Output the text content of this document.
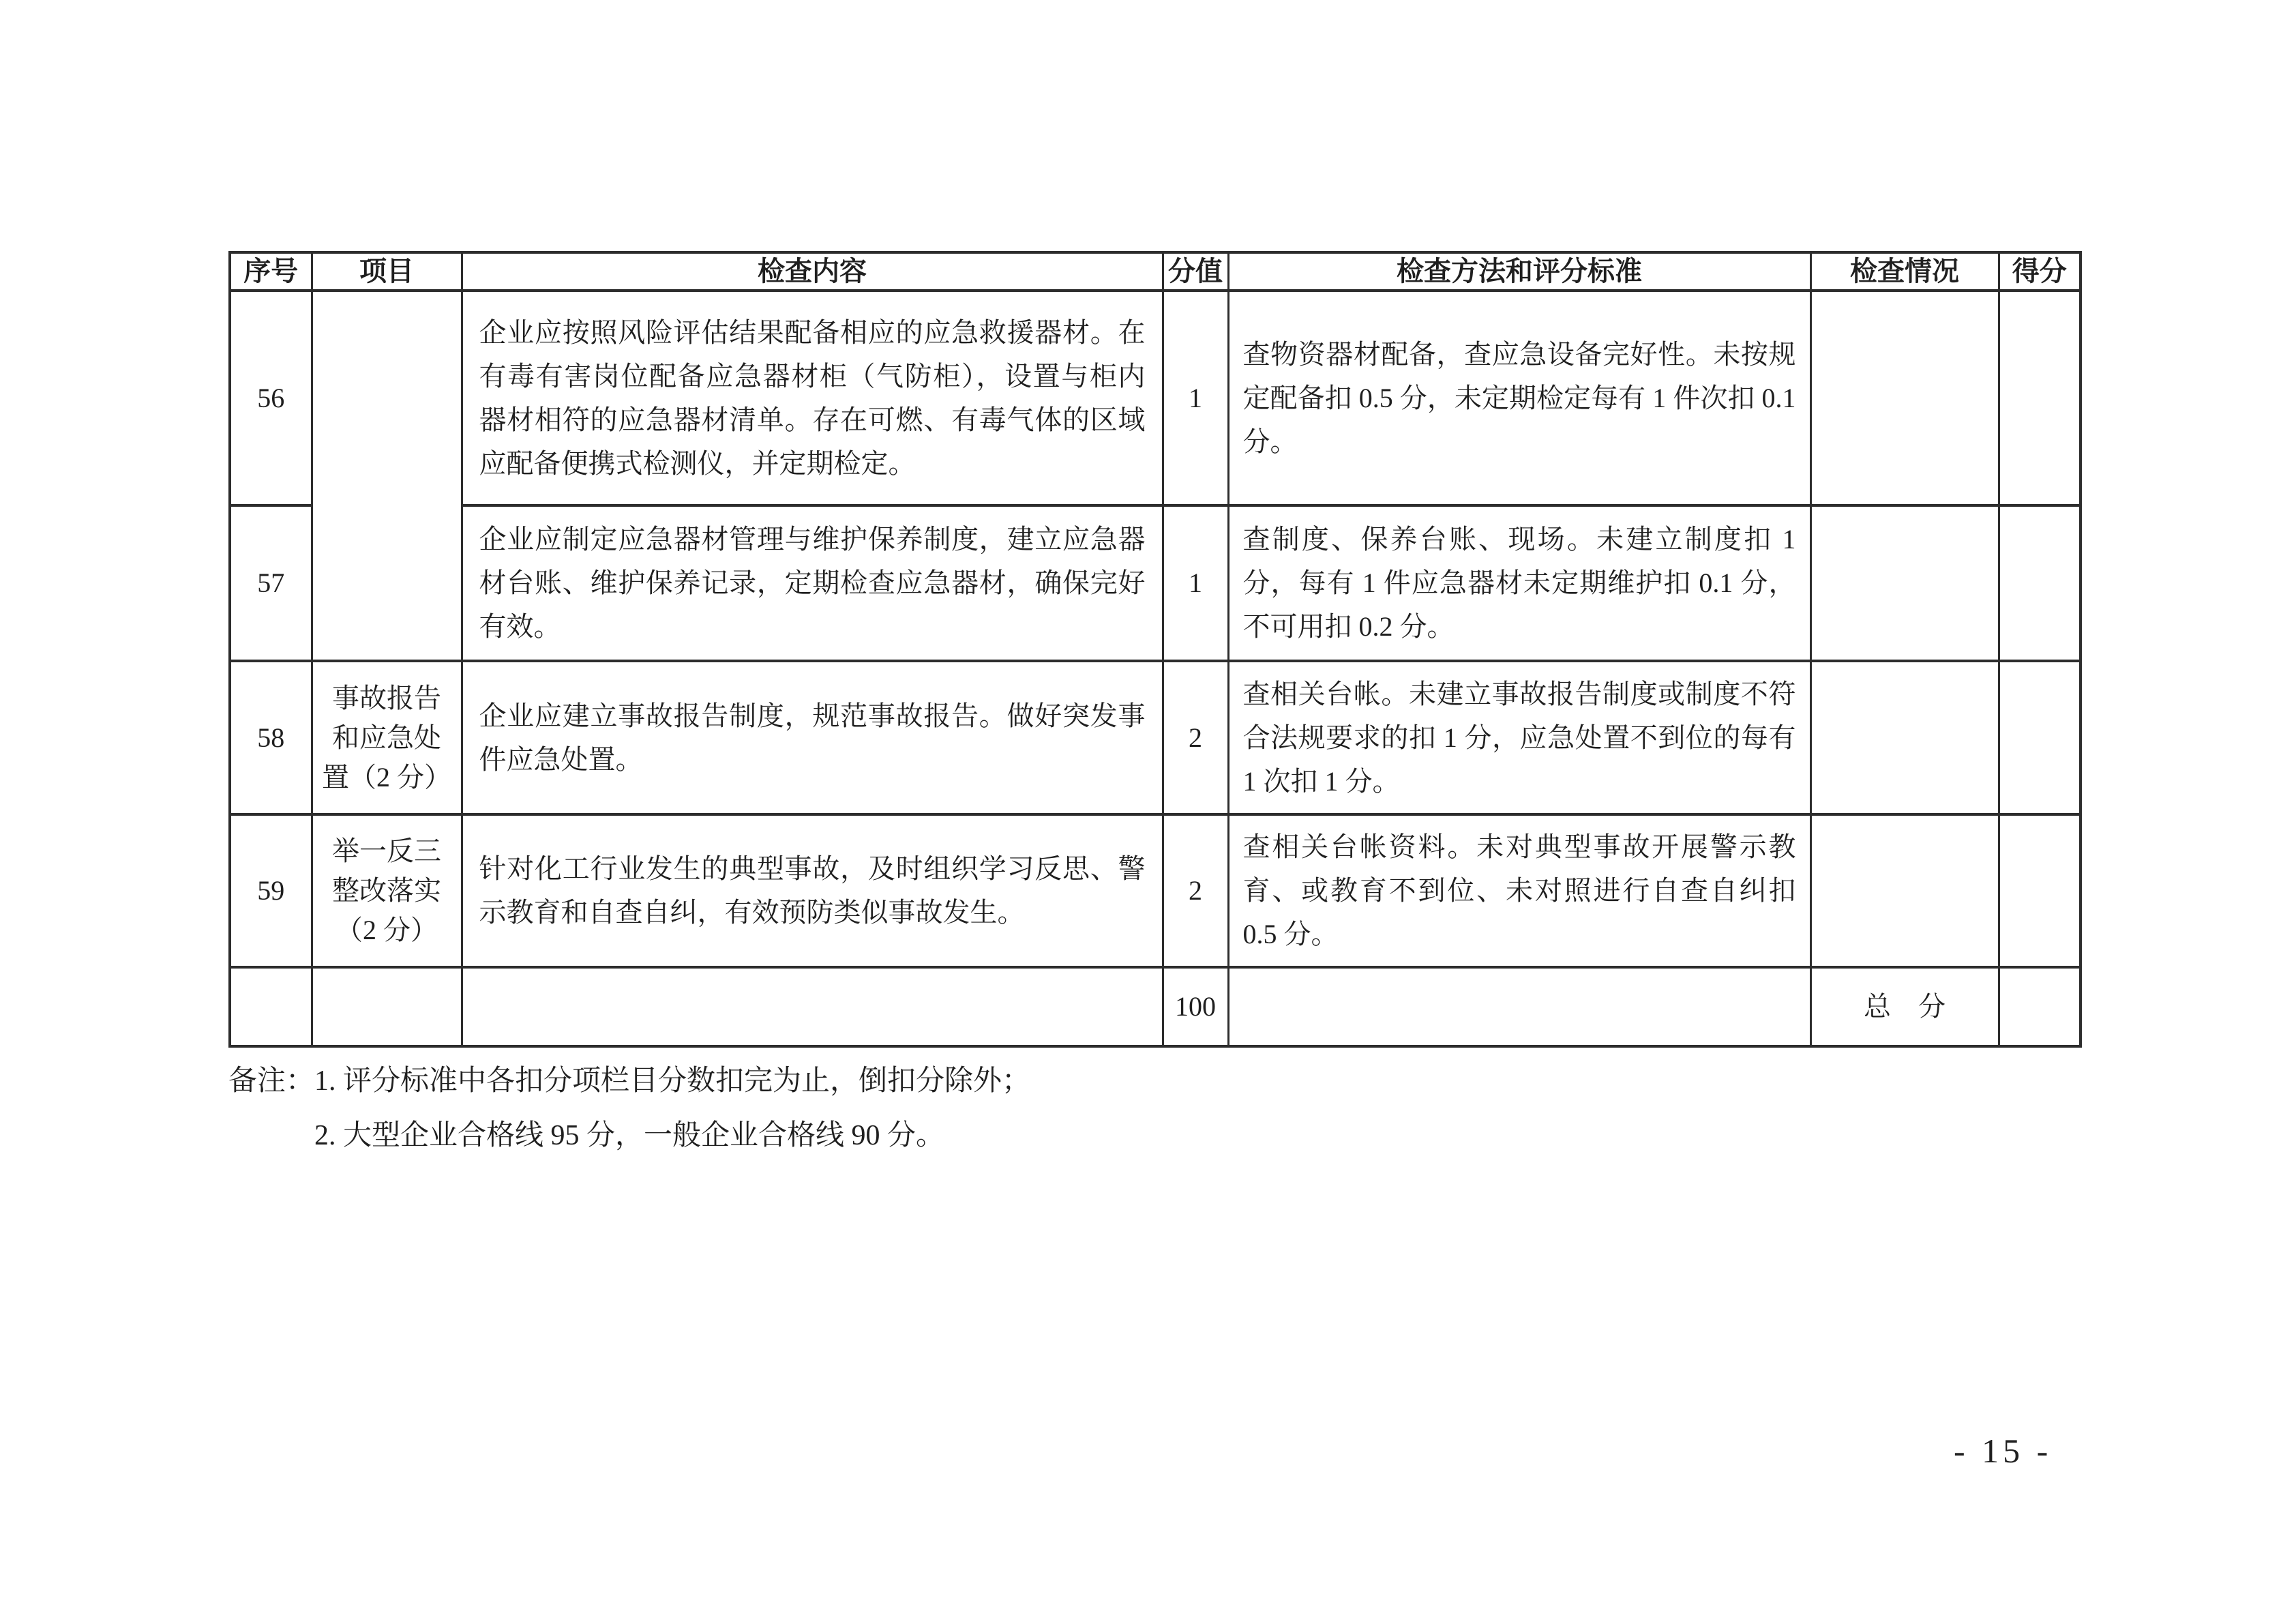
序号	项目	检查内容	分值	检查方法和评分标准	检查情况	得分
56		企业应按照风险评估结果配备相应的应急救援器材。在有毒有害岗位配备应急器材柜（气防柜），设置与柜内器材相符的应急器材清单。存在可燃、有毒气体的区域应配备便携式检测仪，并定期检定。	1	查物资器材配备，查应急设备完好性。未按规定配备扣 0.5 分，未定期检定每有 1 件次扣 0.1 分。		
57		企业应制定应急器材管理与维护保养制度，建立应急器材台账、维护保养记录，定期检查应急器材，确保完好有效。	1	查制度、保养台账、现场。未建立制度扣 1 分，每有 1 件应急器材未定期维护扣 0.1 分，不可用扣 0.2 分。		
58	事故报告和应急处置（2 分）	企业应建立事故报告制度，规范事故报告。做好突发事件应急处置。	2	查相关台帐。未建立事故报告制度或制度不符合法规要求的扣 1 分，应急处置不到位的每有 1 次扣 1 分。		
59	举一反三整改落实（2 分）	针对化工行业发生的典型事故，及时组织学习反思、警示教育和自查自纠，有效预防类似事故发生。	2	查相关台帐资料。未对典型事故开展警示教育、或教育不到位、未对照进行自查自纠扣 0.5 分。		
			100		总　分	
备注： 1. 评分标准中各扣分项栏目分数扣完为止，倒扣分除外；
2. 大型企业合格线 95 分，一般企业合格线 90 分。
- 15 -
